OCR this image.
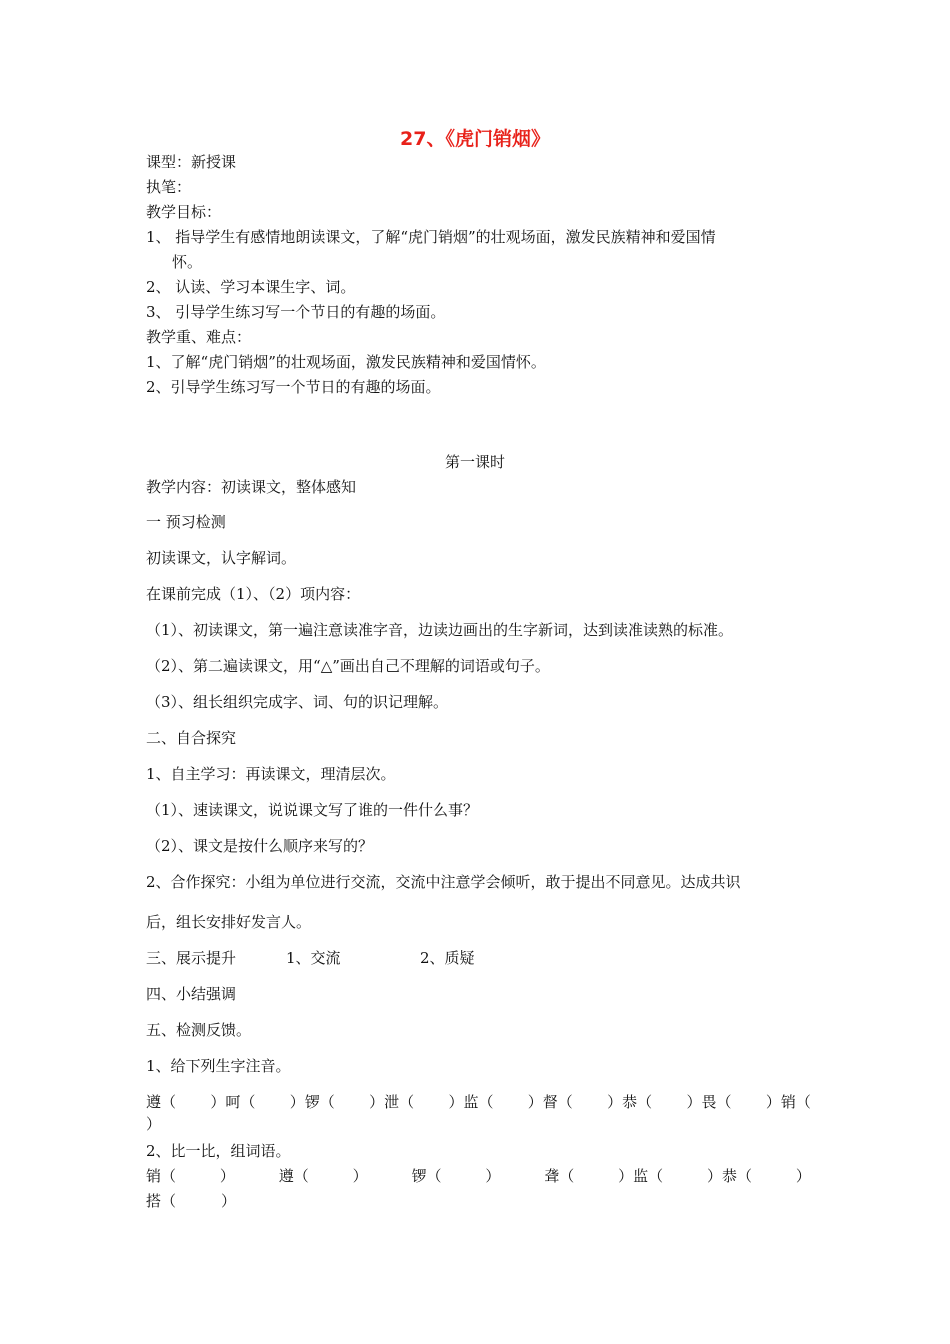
27、《虎门销烟》
课型：新授课
执笔：
教学目标：
1、 指导学生有感情地朗读课文，了解“虎门销烟”的壮观场面，激发民族精神和爱国情
怀。
2、 认读、学习本课生字、词。
3、 引导学生练习写一个节日的有趣的场面。
教学重、难点：
1、了解“虎门销烟”的壮观场面，激发民族精神和爱国情怀。
2、引导学生练习写一个节日的有趣的场面。
第一课时
教学内容：初读课文，整体感知
一 预习检测
初读课文，认字解词。
在课前完成（1）、（2）项内容：
（1）、初读课文，第一遍注意读准字音，边读边画出的生字新词，达到读准读熟的标准。
（2）、第二遍读课文，用“△”画出自己不理解的词语或句子。
（3）、组长组织完成字、词、句的识记理解。
二、自合探究
1、自主学习：再读课文，理清层次。
（1）、速读课文，说说课文写了谁的一件什么事？
（2）、课文是按什么顺序来写的？
2、合作探究：小组为单位进行交流，交流中注意学会倾听，敢于提出不同意见。达成共识
后，组长安排好发言人。
三、展示提升	1、交流	2、质疑
四、小结强调
五、检测反馈。
1、给下列生字注音。
遵（ ）呵（ ）锣（ ）泄（ ）监（ ）督（ ）恭（ ）畏（ ）销（
）
2、比一比，组词语。
销（	）	遵（	）	锣（	）	聋（	）监（	）恭（	）
搭（　　　）
